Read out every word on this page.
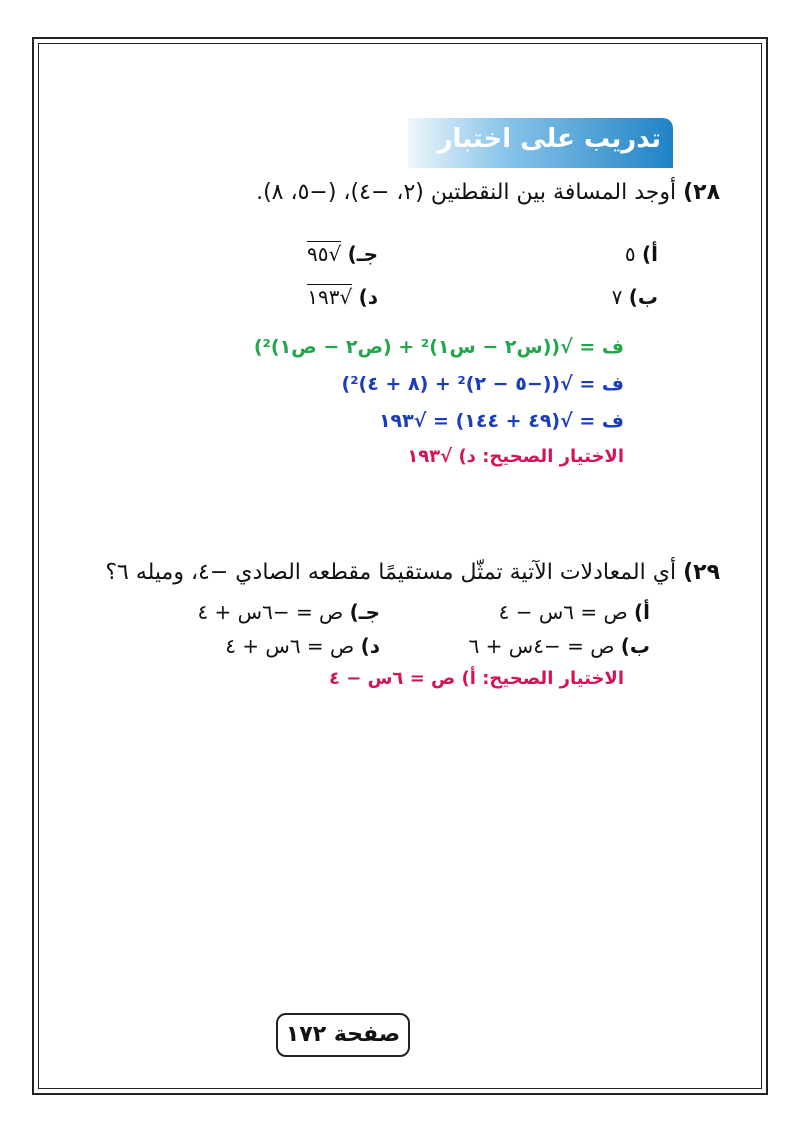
تدريب على اختبار
٢٨) أوجد المسافة بين النقطتين (٢، −٤)، (−٥، ٨).
أ) ٥
جـ) √٩٥
ب) ٧
د) √١٩٣
ف = √((س٢ − س١)² + (ص٢ − ص١)²)
ف = √((−٥ − ٢)² + (٨ + ٤)²)
ف = √(٤٩ + ١٤٤) = √١٩٣
الاختيار الصحيح: د) √١٩٣
٢٩) أي المعادلات الآتية تمثّل مستقيمًا مقطعه الصادي −٤، وميله ٦؟
أ) ص = ٦س − ٤
جـ) ص = −٦س + ٤
ب) ص = −٤س + ٦
د) ص = ٦س + ٤
الاختيار الصحيح: أ) ص = ٦س − ٤
صفحة ١٧٢
